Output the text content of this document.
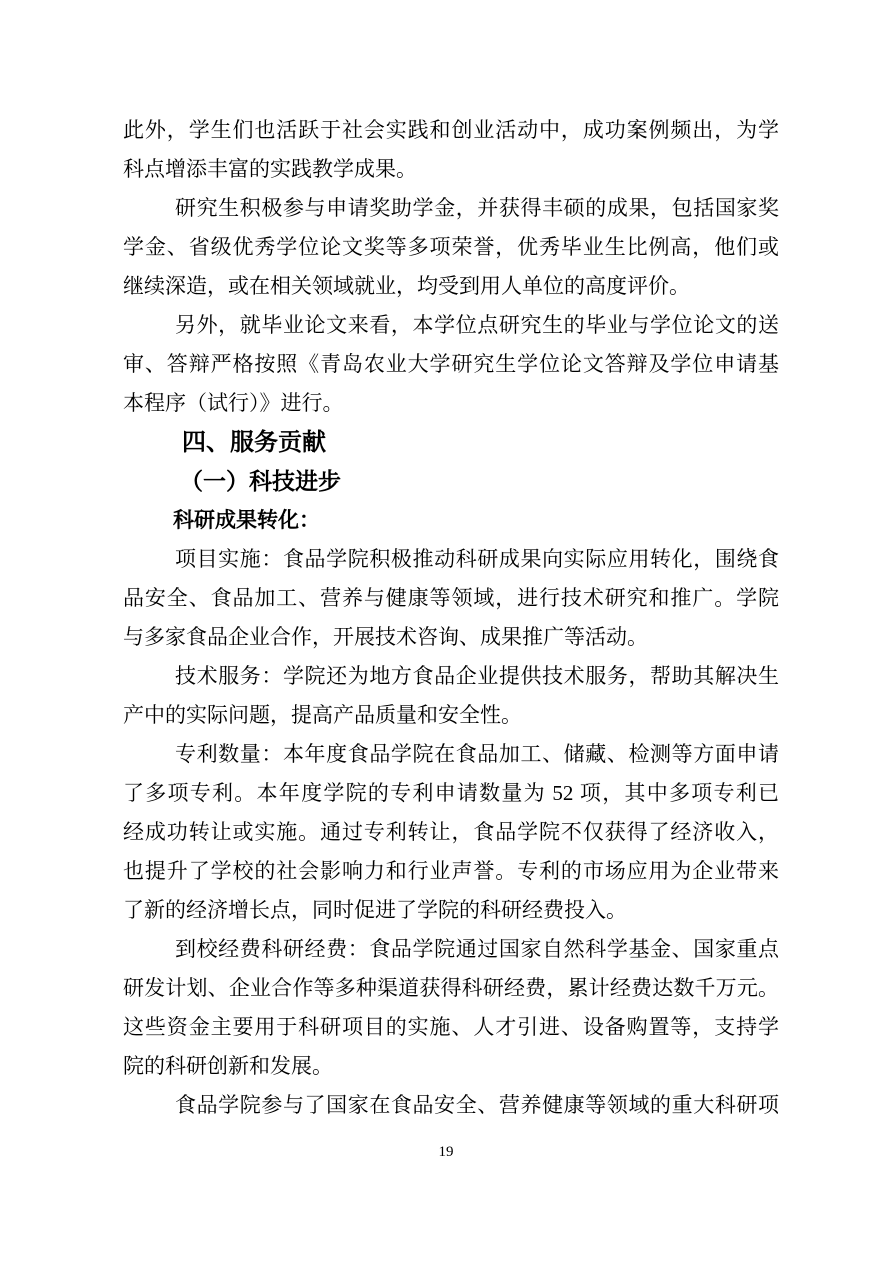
此外，学生们也活跃于社会实践和创业活动中，成功案例频出，为学
科点增添丰富的实践教学成果。
研究生积极参与申请奖助学金，并获得丰硕的成果，包括国家奖
学金、省级优秀学位论文奖等多项荣誉，优秀毕业生比例高，他们或
继续深造，或在相关领域就业，均受到用人单位的高度评价。
另外，就毕业论文来看，本学位点研究生的毕业与学位论文的送
审、答辩严格按照《青岛农业大学研究生学位论文答辩及学位申请基
本程序（试行）》进行。
四、服务贡献
（一）科技进步
科研成果转化：
项目实施：食品学院积极推动科研成果向实际应用转化，围绕食
品安全、食品加工、营养与健康等领域，进行技术研究和推广。学院
与多家食品企业合作，开展技术咨询、成果推广等活动。
技术服务：学院还为地方食品企业提供技术服务，帮助其解决生
产中的实际问题，提高产品质量和安全性。
专利数量：本年度食品学院在食品加工、储藏、检测等方面申请
了多项专利。本年度学院的专利申请数量为 52 项，其中多项专利已
经成功转让或实施。通过专利转让，食品学院不仅获得了经济收入，
也提升了学校的社会影响力和行业声誉。专利的市场应用为企业带来
了新的经济增长点，同时促进了学院的科研经费投入。
到校经费科研经费：食品学院通过国家自然科学基金、国家重点
研发计划、企业合作等多种渠道获得科研经费，累计经费达数千万元。
这些资金主要用于科研项目的实施、人才引进、设备购置等，支持学
院的科研创新和发展。
食品学院参与了国家在食品安全、营养健康等领域的重大科研项
19
